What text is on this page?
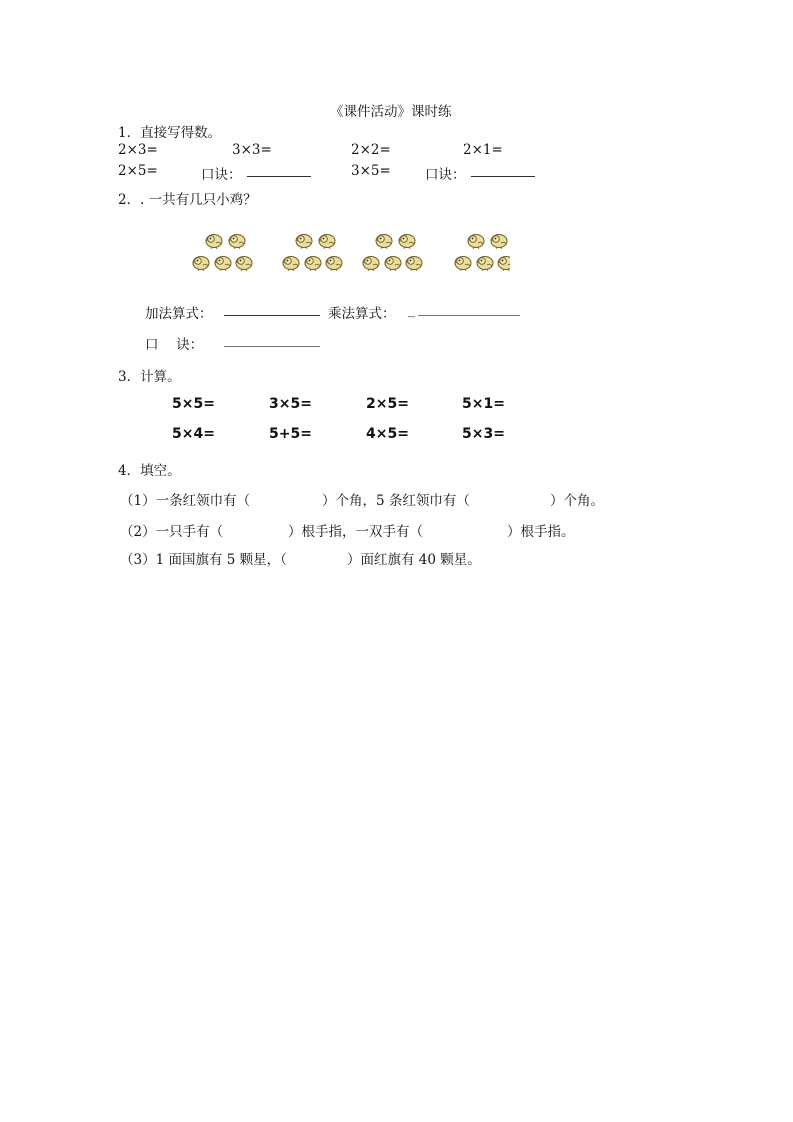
《课件活动》课时练
1．直接写得数。
2×3=	3×3=	2×2=	2×1=
2×5=	口诀：	3×5=	口诀：
2．. 一共有几只小鸡？
加法算式：	乘法算式： _
口　 诀：
3．计算。
5×5=	3×5=	2×5=	5×1=
5×4=	5+5=	4×5=	5×3=
4．填空。
（1）一条红领巾有（	）个角，5 条红领巾有（	）个角。
（2）一只手有（	）根手指，一双手有（	）根手指。
（3）1 面国旗有 5 颗星，（	）面红旗有 40 颗星。
